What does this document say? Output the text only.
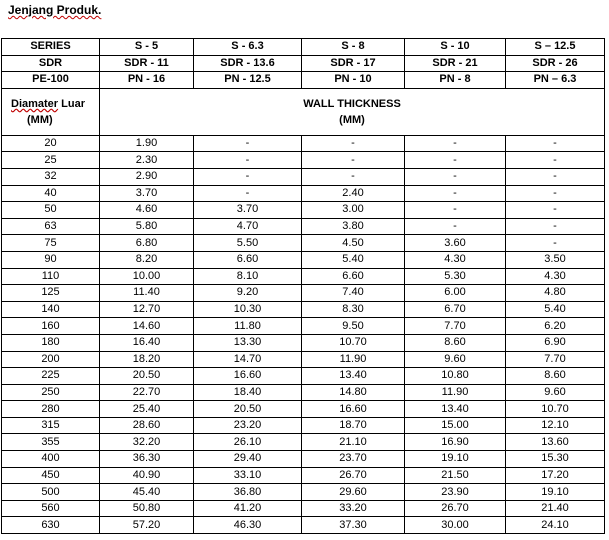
Jenjang Produk.
SERIES	S - 5	S - 6.3	S - 8	S - 10	S – 12.5
SDR	SDR - 11	SDR - 13.6	SDR - 17	SDR - 21	SDR - 26
PE-100	PN - 16	PN - 12.5	PN - 10	PN - 8	PN – 6.3
Diamater Luar
(MM)	WALL THICKNESS
(MM)				
20	1.90	-	-	-	-
25	2.30	-	-	-	-
32	2.90	-	-	-	-
40	3.70	-	2.40	-	-
50	4.60	3.70	3.00	-	-
63	5.80	4.70	3.80	-	-
75	6.80	5.50	4.50	3.60	-
90	8.20	6.60	5.40	4.30	3.50
110	10.00	8.10	6.60	5.30	4.30
125	11.40	9.20	7.40	6.00	4.80
140	12.70	10.30	8.30	6.70	5.40
160	14.60	11.80	9.50	7.70	6.20
180	16.40	13.30	10.70	8.60	6.90
200	18.20	14.70	11.90	9.60	7.70
225	20.50	16.60	13.40	10.80	8.60
250	22.70	18.40	14.80	11.90	9.60
280	25.40	20.50	16.60	13.40	10.70
315	28.60	23.20	18.70	15.00	12.10
355	32.20	26.10	21.10	16.90	13.60
400	36.30	29.40	23.70	19.10	15.30
450	40.90	33.10	26.70	21.50	17.20
500	45.40	36.80	29.60	23.90	19.10
560	50.80	41.20	33.20	26.70	21.40
630	57.20	46.30	37.30	30.00	24.10
